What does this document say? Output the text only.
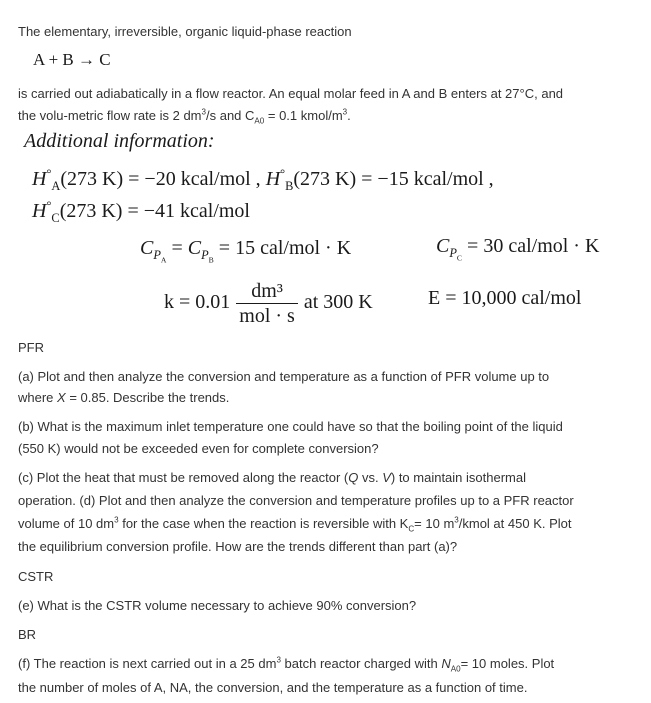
The elementary, irreversible, organic liquid-phase reaction
A + B → C
is carried out adiabatically in a flow reactor. An equal molar feed in A and B enters at 27°C, and
the volu-metric flow rate is 2 $dm^3/s$ and $C_{A0} = 0.1$ kmol/$m^3$.
Additional information:
$H^\circ_A(273$ K) = −20 kcal/mol , $H^\circ_B(273$ K) = −15 kcal/mol ,
$H^\circ_C(273$ K) = −41 kcal/mol
$C_{P_A} = C_{P_B} = 15$ cal/mol · K	$C_{P_C} = 30$ cal/mol · K
$k = 0.01 \frac{\text{dm³}}{\text{mol · s}}$ at 300 K	E = 10,000 cal/mol
PFR
(a) Plot and then analyze the conversion and temperature as a function of PFR volume up to
where X = 0.85. Describe the trends.
(b) What is the maximum inlet temperature one could have so that the boiling point of the liquid
(550 K) would not be exceeded even for complete conversion?
(c) Plot the heat that must be removed along the reactor (Q vs. V) to maintain isothermal
operation. (d) Plot and then analyze the conversion and temperature profiles up to a PFR reactor
volume of 10 $dm^3$ for the case when the reaction is reversible with $K_C= 10$ $m^3$/kmol at 450 K. Plot
the equilibrium conversion profile. How are the trends different than part (a)?
CSTR
(e) What is the CSTR volume necessary to achieve 90% conversion?
BR
(f) The reaction is next carried out in a 25 $dm^3$ batch reactor charged with $N_{A0}= 10$ moles. Plot
the number of moles of A, NA, the conversion, and the temperature as a function of time.
